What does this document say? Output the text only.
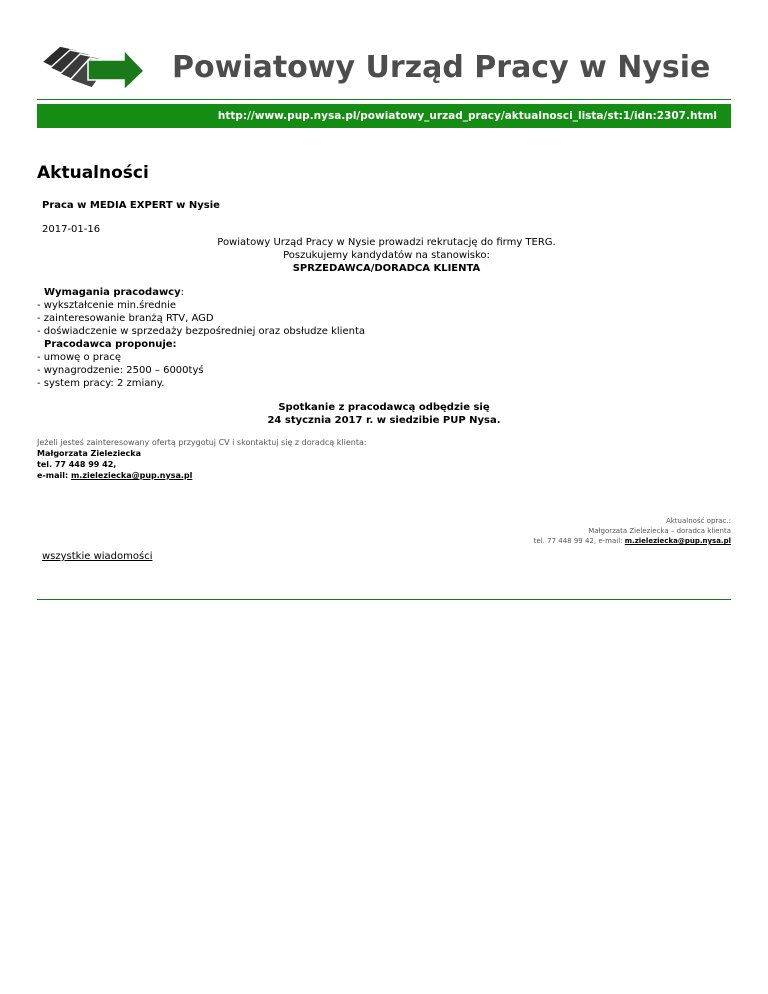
Powiatowy Urząd Pracy w Nysie
http://www.pup.nysa.pl/powiatowy_urzad_pracy/aktualnosci_lista/st:1/idn:2307.html
Aktualności
Praca w MEDIA EXPERT w Nysie
2017-01-16
Powiatowy Urząd Pracy w Nysie prowadzi rekrutację do firmy TERG.
Poszukujemy kandydatów na stanowisko:
SPRZEDAWCA/DORADCA KLIENTA
Wymagania pracodawcy:
- wykształcenie min.średnie
- zainteresowanie branżą RTV, AGD
- doświadczenie w sprzedaży bezpośredniej oraz obsłudze klienta
Pracodawca proponuje:
- umowę o pracę
- wynagrodzenie: 2500 – 6000tyś
- system pracy: 2 zmiany.
Spotkanie z pracodawcą odbędzie się
24 stycznia 2017 r. w siedzibie PUP Nysa.
Jeżeli jesteś zainteresowany ofertą przygotuj CV i skontaktuj się z doradcą klienta:
Małgorzata Zieleziecka
tel. 77 448 99 42,
e-mail: m.zieleziecka@pup.nysa.pl
Aktualność oprac.:
Małgorzata Zieleziecka – doradca klienta
tel. 77 448 99 42, e-mail: m.zieleziecka@pup.nysa.pl
wszystkie wiadomości
